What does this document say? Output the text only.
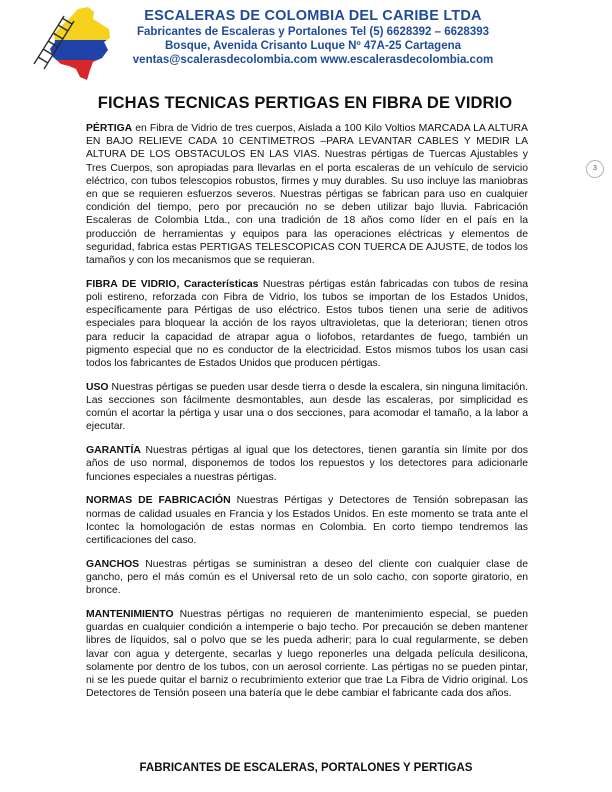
ESCALERAS DE COLOMBIA DEL CARIBE LTDA
Fabricantes de Escaleras y Portalones Tel (5) 6628392 – 6628393
Bosque, Avenida Crisanto Luque Nº 47A-25 Cartagena
ventas@scalerasdecolombia.com www.escalerasdecolombia.com
FICHAS TECNICAS PERTIGAS EN FIBRA DE VIDRIO

PÉRTIGA en Fibra de Vidrio de tres cuerpos, Aislada a 100 Kilo Voltios MARCADA LA ALTURA EN BAJO RELIEVE CADA 10 CENTIMETROS –PARA LEVANTAR CABLES Y MEDIR LA ALTURA DE LOS OBSTACULOS EN LAS VIAS. Nuestras pértigas de Tuercas Ajustables y Tres Cuerpos, son apropiadas para llevarlas en el porta escaleras de un vehículo de servicio eléctrico, con tubos telescopios robustos, firmes y muy durables. Su uso incluye las maniobras en que se requieren esfuerzos severos. Nuestras pértigas se fabrican para uso en cualquier condición del tiempo, pero por precaución no se deben utilizar bajo lluvia. Fabricación Escaleras de Colombia Ltda., con una tradición de 18 años como líder en el país en la producción de herramientas y equipos para las operaciones eléctricas y elementos de seguridad, fabrica estas PERTIGAS TELESCOPICAS CON TUERCA DE AJUSTE, de todos los tamaños y con los mecanismos que se requieran.

FIBRA DE VIDRIO, Características Nuestras pértigas están fabricadas con tubos de resina poli estireno, reforzada con Fibra de Vidrio, los tubos se importan de los Estados Unidos, específicamente para Pértigas de uso eléctrico. Estos tubos tienen una serie de aditivos especiales para bloquear la acción de los rayos ultravioletas, que la deterioran; tienen otros para reducir la capacidad de atrapar agua o liofobos, retardantes de fuego, también un pigmento especial que no es conductor de la electricidad. Estos mismos tubos los usan casi todos los fabricantes de Estados Unidos que producen pértigas.

USO Nuestras pértigas se pueden usar desde tierra o desde la escalera, sin ninguna limitación. Las secciones son fácilmente desmontables, aun desde las escaleras, por simplicidad es común el acortar la pértiga y usar una o dos secciones, para acomodar el tamaño, a la labor a ejecutar.

GARANTÍA Nuestras pértigas al igual que los detectores, tienen garantía sin límite por dos años de uso normal, disponemos de todos los repuestos y los detectores para adicionarle funciones especiales a nuestras pértigas.

NORMAS DE FABRICACIÓN Nuestras Pértigas y Detectores de Tensión sobrepasan las normas de calidad usuales en Francia y los Estados Unidos. En este momento se trata ante el Icontec la homologación de estas normas en Colombia. En corto tiempo tendremos las certificaciones del caso.

GANCHOS Nuestras pértigas se suministran a deseo del cliente con cualquier clase de gancho, pero el más común es el Universal reto de un solo cacho, con soporte giratorio, en bronce.

MANTENIMIENTO Nuestras pértigas no requieren de mantenimiento especial, se pueden guardas en cualquier condición a intemperie o bajo techo. Por precaución se deben mantener libres de líquidos, sal o polvo que se les pueda adherir; para lo cual regularmente, se deben lavar con agua y detergente, secarlas y luego reponerles una delgada película desilicona, solamente por dentro de los tubos, con un aerosol corriente. Las pértigas no se pueden pintar, ni se les puede quitar el barniz o recubrimiento exterior que trae La Fibra de Vidrio original. Los Detectores de Tensión poseen una batería que le debe cambiar el fabricante cada dos años.

3
FABRICANTES DE ESCALERAS, PORTALONES Y PERTIGAS
